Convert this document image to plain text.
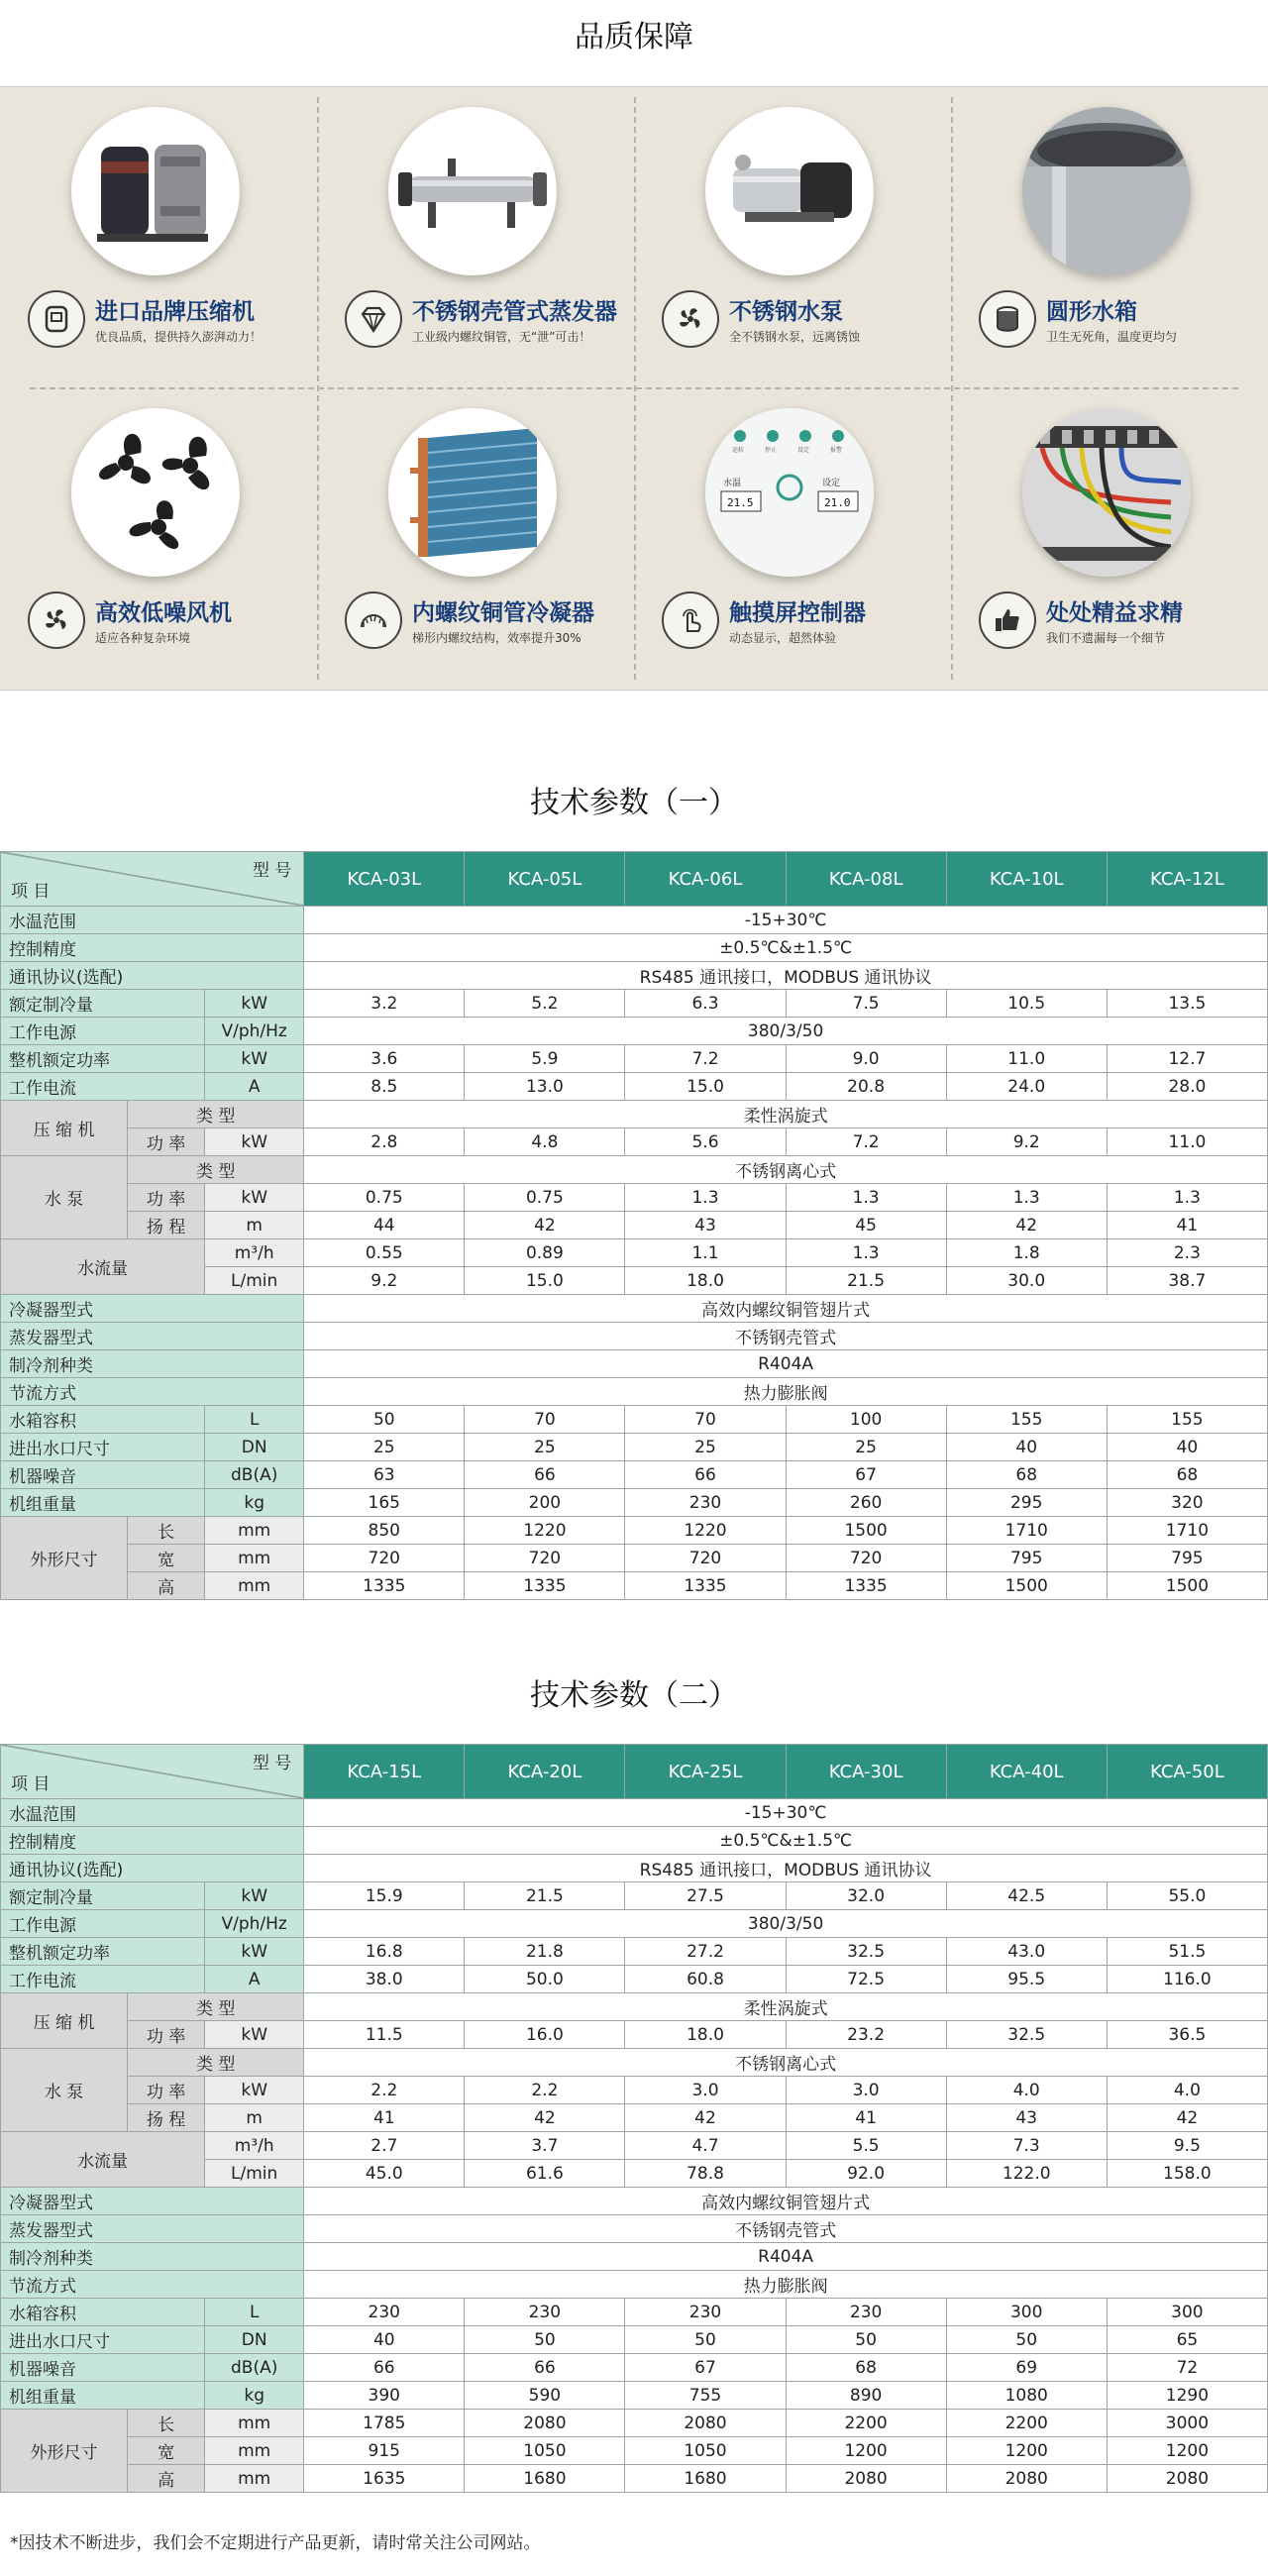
品质保障
进口品牌压缩机
优良品质，提供持久澎湃动力！
不锈钢壳管式蒸发器
工业级内螺纹铜管，无“泄”可击！
不锈钢水泵
全不锈钢水泵，远离锈蚀
圆形水箱
卫生无死角，温度更均匀
高效低噪风机
适应各种复杂环境
内螺纹铜管冷凝器
梯形内螺纹结构，效率提升30%
水温	设定
21.5	21.0
运转	停止	设定	报警
触摸屏控制器
动态显示，超然体验
处处精益求精
我们不遗漏每一个细节
技术参数（一）
型 号
项 目			KCA-03L	KCA-05L	KCA-06L	KCA-08L	KCA-10L	KCA-12L
水温范围			-15+30℃					
控制精度			±0.5℃&±1.5℃					
通讯协议(选配)			RS485 通讯接口，MODBUS 通讯协议					
额定制冷量		kW	3.2	5.2	6.3	7.5	10.5	13.5
工作电源		V/ph/Hz	380/3/50					
整机额定功率		kW	3.6	5.9	7.2	9.0	11.0	12.7
工作电流		A	8.5	13.0	15.0	20.8	24.0	28.0
压 缩 机	类 型		柔性涡旋式					
	功 率	kW	2.8	4.8	5.6	7.2	9.2	11.0
水 泵	类 型		不锈钢离心式					
	功 率	kW	0.75	0.75	1.3	1.3	1.3	1.3
	扬 程	m	44	42	43	45	42	41
水流量		m³/h	0.55	0.89	1.1	1.3	1.8	2.3
		L/min	9.2	15.0	18.0	21.5	30.0	38.7
冷凝器型式			高效内螺纹铜管翅片式					
蒸发器型式			不锈钢壳管式					
制冷剂种类			R404A					
节流方式			热力膨胀阀					
水箱容积		L	50	70	70	100	155	155
进出水口尺寸		DN	25	25	25	25	40	40
机器噪音		dB(A)	63	66	66	67	68	68
机组重量		kg	165	200	230	260	295	320
外形尺寸	长	mm	850	1220	1220	1500	1710	1710
	宽	mm	720	720	720	720	795	795
	高	mm	1335	1335	1335	1335	1500	1500
技术参数（二）
型 号
项 目			KCA-15L	KCA-20L	KCA-25L	KCA-30L	KCA-40L	KCA-50L
水温范围			-15+30℃					
控制精度			±0.5℃&±1.5℃					
通讯协议(选配)			RS485 通讯接口，MODBUS 通讯协议					
额定制冷量		kW	15.9	21.5	27.5	32.0	42.5	55.0
工作电源		V/ph/Hz	380/3/50					
整机额定功率		kW	16.8	21.8	27.2	32.5	43.0	51.5
工作电流		A	38.0	50.0	60.8	72.5	95.5	116.0
压 缩 机	类 型		柔性涡旋式					
	功 率	kW	11.5	16.0	18.0	23.2	32.5	36.5
水 泵	类 型		不锈钢离心式					
	功 率	kW	2.2	2.2	3.0	3.0	4.0	4.0
	扬 程	m	41	42	42	41	43	42
水流量		m³/h	2.7	3.7	4.7	5.5	7.3	9.5
		L/min	45.0	61.6	78.8	92.0	122.0	158.0
冷凝器型式			高效内螺纹铜管翅片式					
蒸发器型式			不锈钢壳管式					
制冷剂种类			R404A					
节流方式			热力膨胀阀					
水箱容积		L	230	230	230	230	300	300
进出水口尺寸		DN	40	50	50	50	50	65
机器噪音		dB(A)	66	66	67	68	69	72
机组重量		kg	390	590	755	890	1080	1290
外形尺寸	长	mm	1785	2080	2080	2200	2200	3000
	宽	mm	915	1050	1050	1200	1200	1200
	高	mm	1635	1680	1680	2080	2080	2080
*因技术不断进步，我们会不定期进行产品更新，请时常关注公司网站。
